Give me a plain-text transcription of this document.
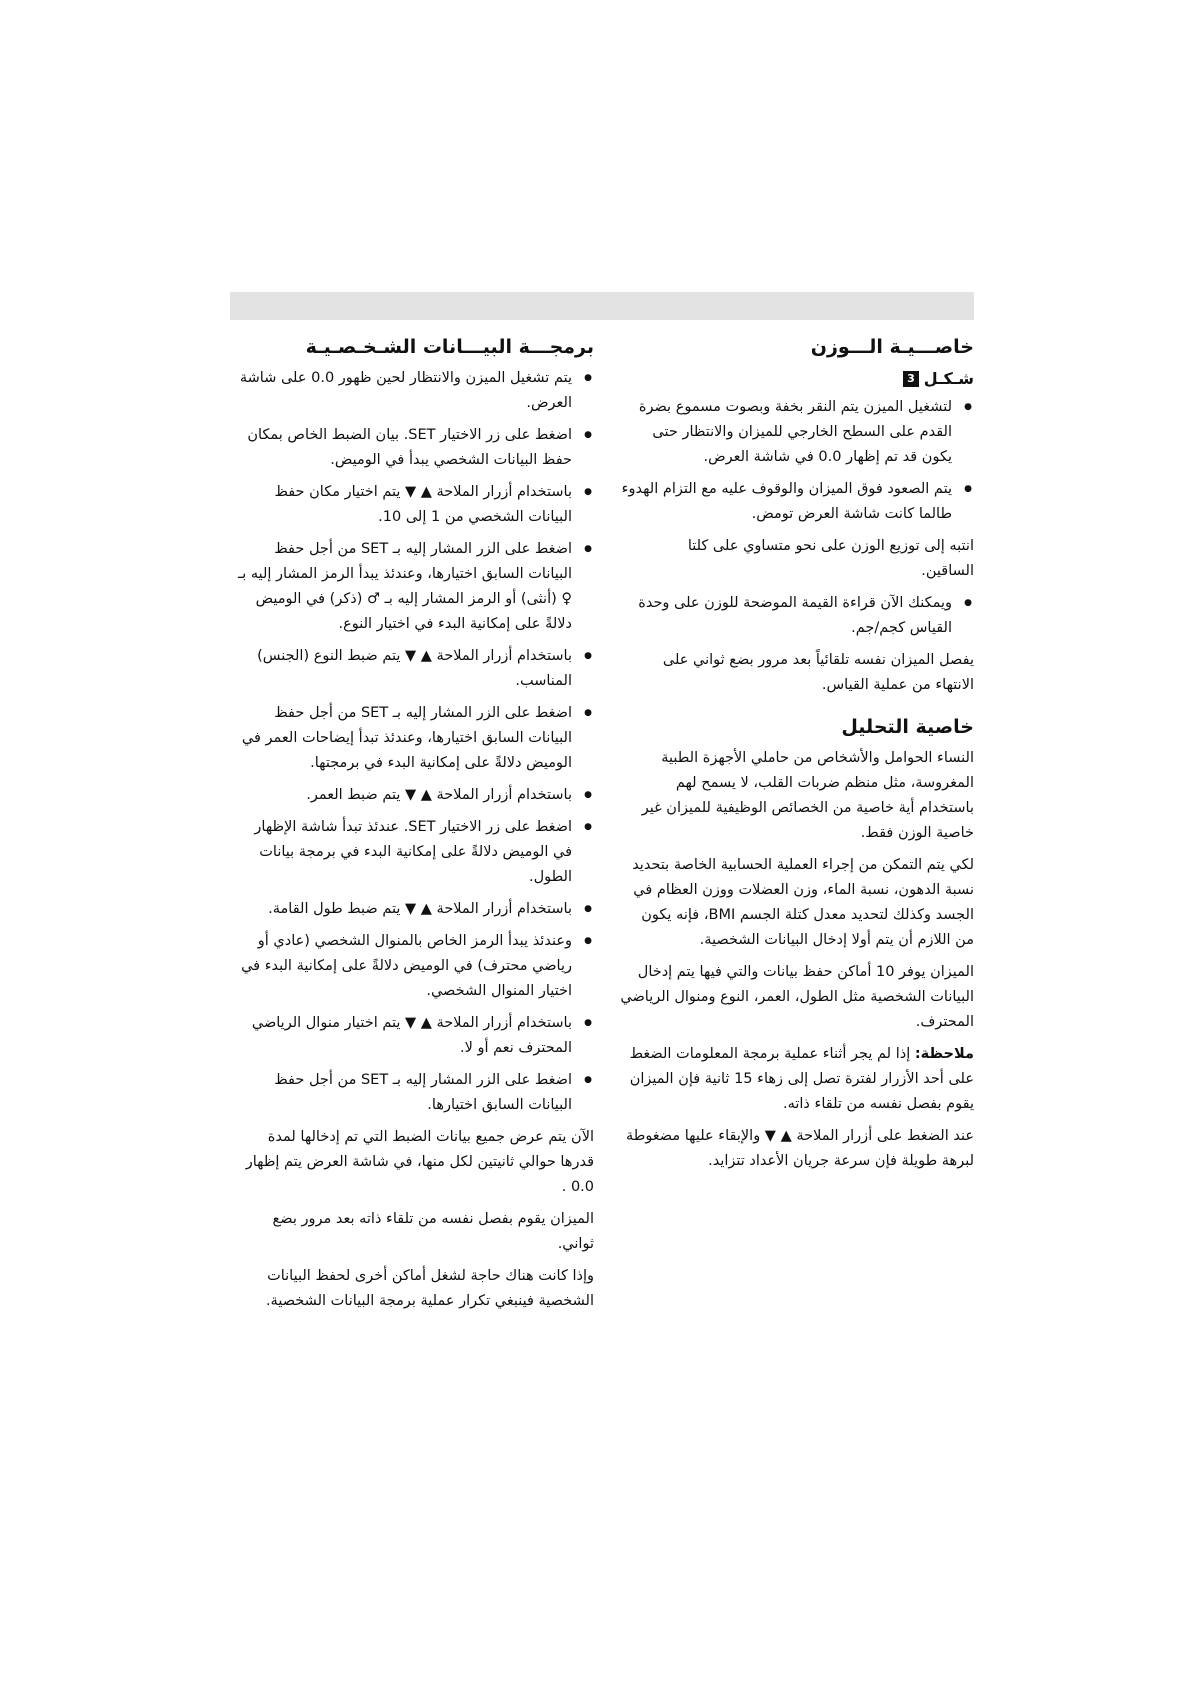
خاصـــيـة الـــوزن
شـكـل
3
● لتشغيل الميزن يتم النقر بخفة وبصوت مسموع بضرة القدم على السطح الخارجي للميزان والانتظار حتى يكون قد تم إظهار 0.0 في شاشة العرض.
● يتم الصعود فوق الميزان والوقوف عليه مع التزام الهدوء طالما كانت شاشة العرض تومض.

انتبه إلى توزيع الوزن على نحو متساوي على كلتا الساقين.

● ويمكنك الآن قراءة القيمة الموضحة للوزن على وحدة القياس كجم/جم.

يفصل الميزان نفسه تلقائياً بعد مرور بضع ثواني على الانتهاء من عملية القياس.

خاصية التحليل

النساء الحوامل والأشخاص من حاملي الأجهزة الطبية المغروسة، مثل منظم ضربات القلب، لا يسمح لهم باستخدام أية خاصية من الخصائص الوظيفية للميزان غير خاصية الوزن فقط.

لكي يتم التمكن من إجراء العملية الحسابية الخاصة بتحديد نسبة الدهون، نسبة الماء، وزن العضلات ووزن العظام في الجسد وكذلك لتحديد معدل كتلة الجسم BMI، فإنه يكون من اللازم أن يتم أولا إدخال البيانات الشخصية.

الميزان يوفر 10 أماكن حفظ بيانات والتي فيها يتم إدخال البيانات الشخصية مثل الطول، العمر، النوع ومنوال الرياضي المحترف.

ملاحظة: إذا لم يجر أثناء عملية برمجة المعلومات الضغط على أحد الأزرار لفترة تصل إلى زهاء 15 ثانية فإن الميزان يقوم بفصل نفسه من تلقاء ذاته.

عند الضغط على أزرار الملاحة ▲ ▼ والإبقاء عليها مضغوطة لبرهة طويلة فإن سرعة جريان الأعداد تتزايد.

برمجـــة البيـــانات الشـخـصـيـة
● يتم تشغيل الميزن والانتظار لحين ظهور 0.0 على شاشة العرض.
● اضغط على زر الاختيار SET. بيان الضبط الخاص بمكان حفظ البيانات الشخصي يبدأ في الوميض.
● باستخدام أزرار الملاحة ▲ ▼ يتم اختيار مكان حفظ البيانات الشخصي من 1 إلى 10.
● اضغط على الزر المشار إليه بـ SET من أجل حفظ البيانات السابق اختيارها، وعندئذ يبدأ الرمز المشار إليه بـ ♀ (أنثى) أو الرمز المشار إليه بـ ♂ (ذكر) في الوميض دلالةً على إمكانية البدء في اختيار النوع.
● باستخدام أزرار الملاحة ▲ ▼ يتم ضبط النوع (الجنس) المناسب.
● اضغط على الزر المشار إليه بـ SET من أجل حفظ البيانات السابق اختيارها، وعندئذ تبدأ إيضاحات العمر في الوميض دلالةً على إمكانية البدء في برمجتها.
● باستخدام أزرار الملاحة ▲ ▼ يتم ضبط العمر.
● اضغط على زر الاختيار SET. عندئذ تبدأ شاشة الإظهار في الوميض دلالةً على إمكانية البدء في برمجة بيانات الطول.
● باستخدام أزرار الملاحة ▲ ▼ يتم ضبط طول القامة.
● وعندئذ يبدأ الرمز الخاص بالمنوال الشخصي (عادي أو رياضي محترف) في الوميض دلالةً على إمكانية البدء في اختيار المنوال الشخصي.
● باستخدام أزرار الملاحة ▲ ▼ يتم اختيار منوال الرياضي المحترف نعم أو لا.
● اضغط على الزر المشار إليه بـ SET من أجل حفظ البيانات السابق اختيارها.

الآن يتم عرض جميع بيانات الضبط التي تم إدخالها لمدة قدرها حوالي ثانيتين لكل منها، في شاشة العرض يتم إظهار 0.0 .

الميزان يقوم بفصل نفسه من تلقاء ذاته بعد مرور بضع ثواني.

وإذا كانت هناك حاجة لشغل أماكن أخرى لحفظ البيانات الشخصية فينبغي تكرار عملية برمجة البيانات الشخصية.
